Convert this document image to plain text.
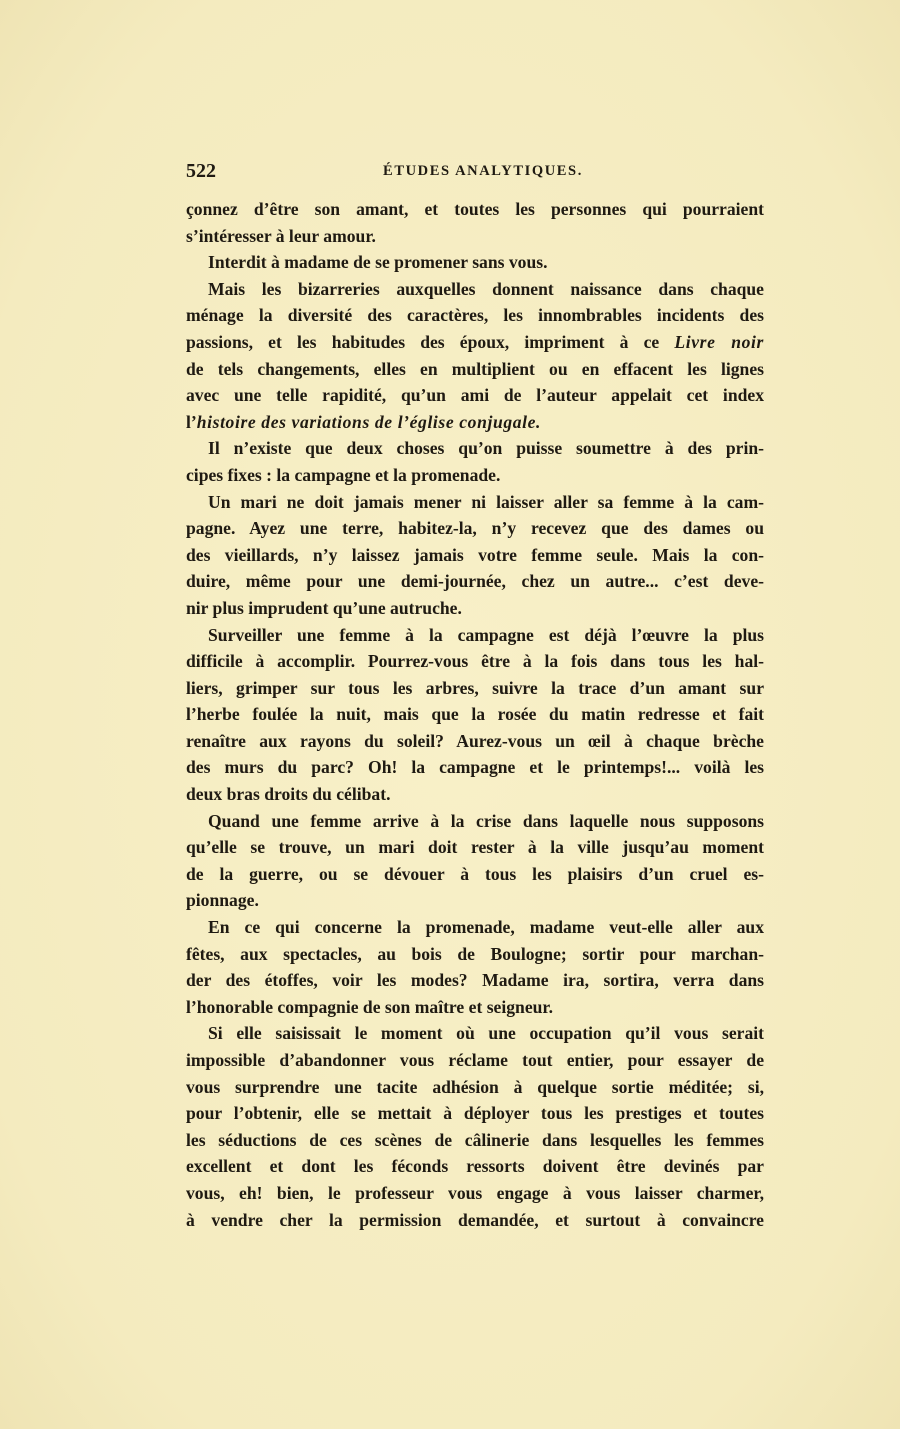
522	ÉTUDES ANALYTIQUES.
çonnez d’être son amant, et toutes les personnes qui pourraient
s’intéresser à leur amour.
Interdit à madame de se promener sans vous.
Mais les bizarreries auxquelles donnent naissance dans chaque
ménage la diversité des caractères, les innombrables incidents des
passions, et les habitudes des époux, impriment à ce Livre noir
de tels changements, elles en multiplient ou en effacent les lignes
avec une telle rapidité, qu’un ami de l’auteur appelait cet index
l’histoire des variations de l’église conjugale.
Il n’existe que deux choses qu’on puisse soumettre à des prin-
cipes fixes : la campagne et la promenade.
Un mari ne doit jamais mener ni laisser aller sa femme à la cam-
pagne. Ayez une terre, habitez-la, n’y recevez que des dames ou
des vieillards, n’y laissez jamais votre femme seule. Mais la con-
duire, même pour une demi-journée, chez un autre... c’est deve-
nir plus imprudent qu’une autruche.
Surveiller une femme à la campagne est déjà l’œuvre la plus
difficile à accomplir. Pourrez-vous être à la fois dans tous les hal-
liers, grimper sur tous les arbres, suivre la trace d’un amant sur
l’herbe foulée la nuit, mais que la rosée du matin redresse et fait
renaître aux rayons du soleil? Aurez-vous un œil à chaque brèche
des murs du parc? Oh! la campagne et le printemps!... voilà les
deux bras droits du célibat.
Quand une femme arrive à la crise dans laquelle nous supposons
qu’elle se trouve, un mari doit rester à la ville jusqu’au moment
de la guerre, ou se dévouer à tous les plaisirs d’un cruel es-
pionnage.
En ce qui concerne la promenade, madame veut-elle aller aux
fêtes, aux spectacles, au bois de Boulogne; sortir pour marchan-
der des étoffes, voir les modes? Madame ira, sortira, verra dans
l’honorable compagnie de son maître et seigneur.
Si elle saisissait le moment où une occupation qu’il vous serait
impossible d’abandonner vous réclame tout entier, pour essayer de
vous surprendre une tacite adhésion à quelque sortie méditée; si,
pour l’obtenir, elle se mettait à déployer tous les prestiges et toutes
les séductions de ces scènes de câlinerie dans lesquelles les femmes
excellent et dont les féconds ressorts doivent être devinés par
vous, eh! bien, le professeur vous engage à vous laisser charmer,
à vendre cher la permission demandée, et surtout à convaincre
